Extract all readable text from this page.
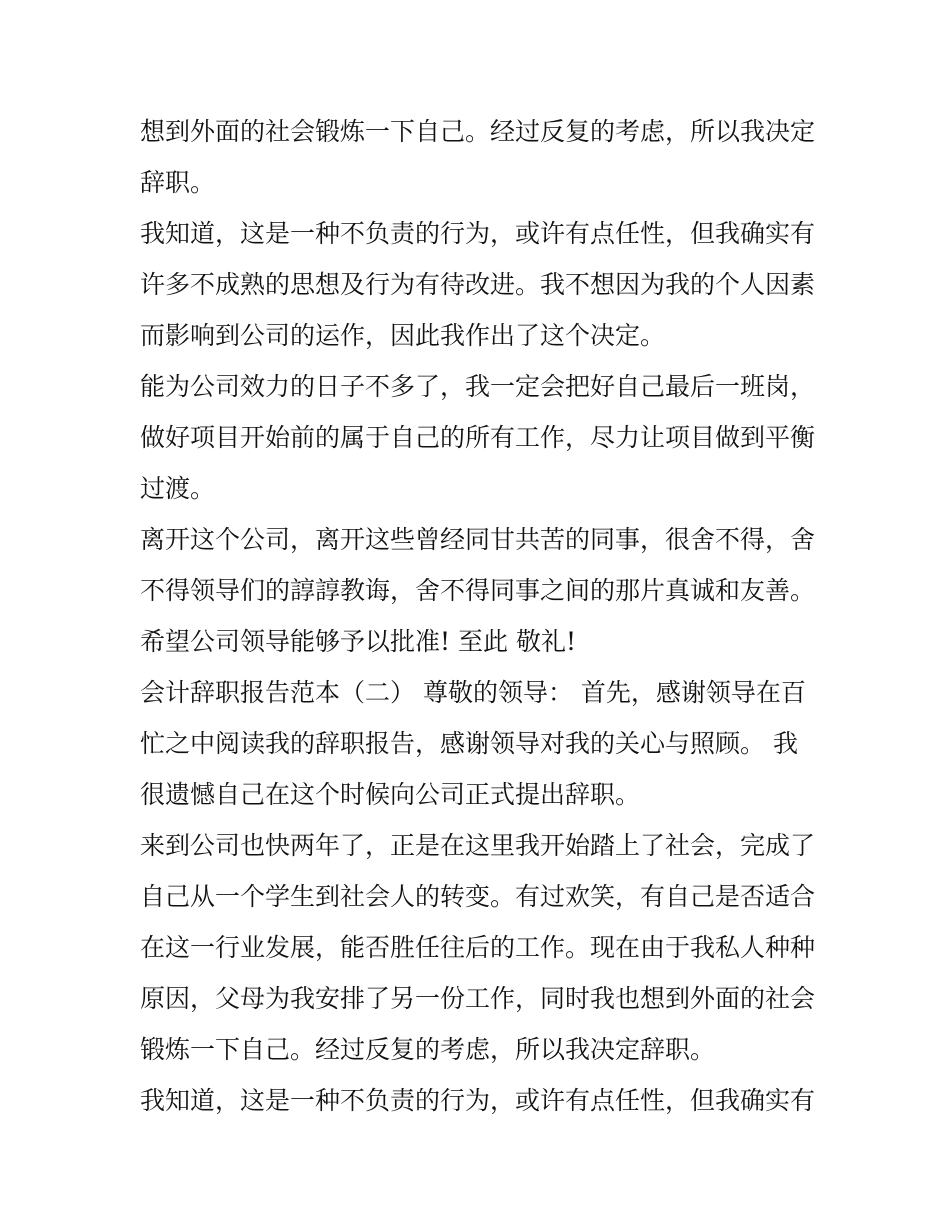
想到外面的社会锻炼一下自己。经过反复的考虑，所以我决定
辞职。
我知道，这是一种不负责的行为，或许有点任性，但我确实有
许多不成熟的思想及行为有待改进。我不想因为我的个人因素
而影响到公司的运作，因此我作出了这个决定。
能为公司效力的日子不多了，我一定会把好自己最后一班岗，
做好项目开始前的属于自己的所有工作，尽力让项目做到平衡
过渡。
离开这个公司，离开这些曾经同甘共苦的同事，很舍不得，舍
不得领导们的諄諄教诲，舍不得同事之间的那片真诚和友善。
希望公司领导能够予以批准! 至此 敬礼!
会计辞职报告范本（二） 尊敬的领导： 首先，感谢领导在百
忙之中阅读我的辞职报告，感谢领导对我的关心与照顾。 我
很遗憾自己在这个时候向公司正式提出辞职。
来到公司也快两年了，正是在这里我开始踏上了社会，完成了
自己从一个学生到社会人的转变。有过欢笑，有自己是否适合
在这一行业发展，能否胜任往后的工作。现在由于我私人种种
原因，父母为我安排了另一份工作，同时我也想到外面的社会
锻炼一下自己。经过反复的考虑，所以我决定辞职。
我知道，这是一种不负责的行为，或许有点任性，但我确实有
